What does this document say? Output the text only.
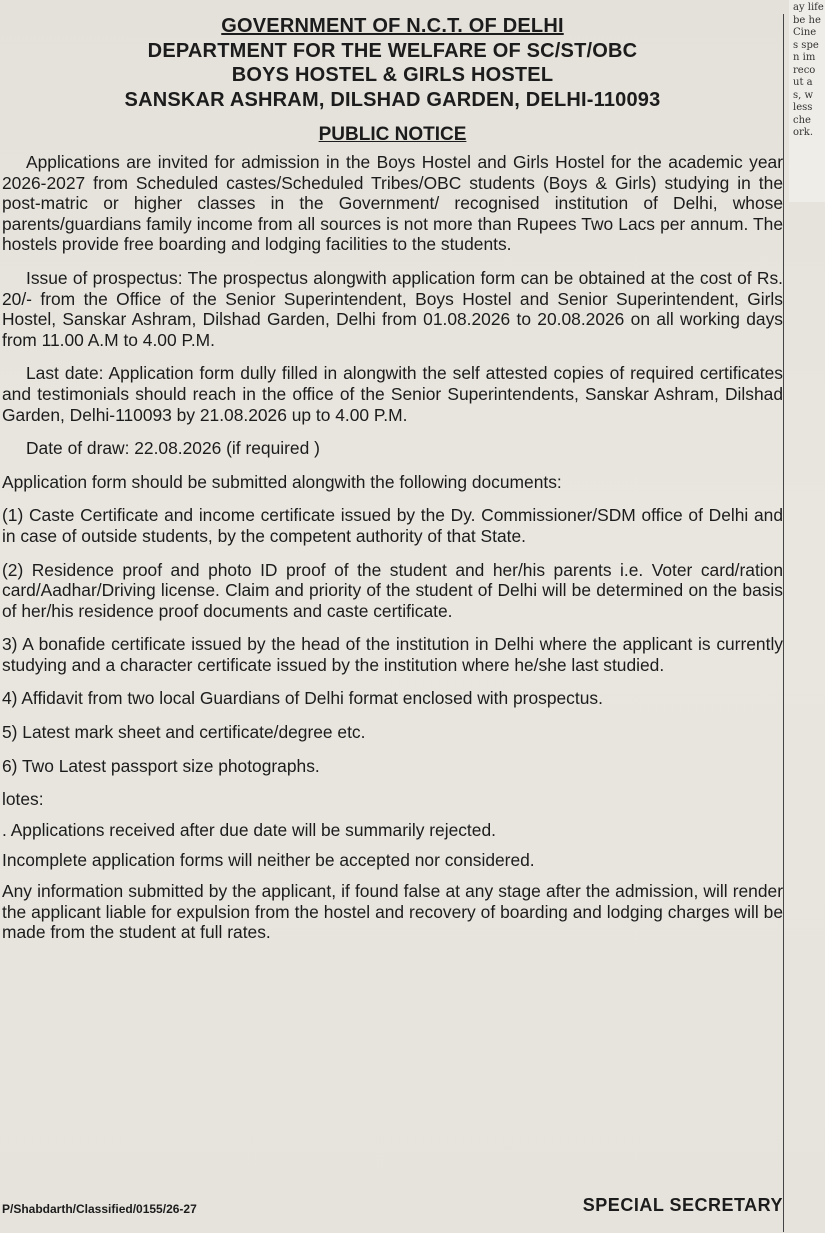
ay life
be he
Cine
s spe
n im
reco
ut a
s, w
less
che
ork.
GOVERNMENT OF N.C.T. OF DELHI
DEPARTMENT FOR THE WELFARE OF SC/ST/OBC
BOYS HOSTEL & GIRLS HOSTEL
SANSKAR ASHRAM, DILSHAD GARDEN, DELHI-110093
PUBLIC NOTICE

Applications are invited for admission in the Boys Hostel and Girls Hostel for the academic year 2026-2027 from Scheduled castes/Scheduled Tribes/OBC students (Boys & Girls) studying in the post-matric or higher classes in the Government/ recognised institution of Delhi, whose parents/guardians family income from all sources is not more than Rupees Two Lacs per annum. The hostels provide free boarding and lodging facilities to the students.

Issue of prospectus: The prospectus alongwith application form can be obtained at the cost of Rs. 20/- from the Office of the Senior Superintendent, Boys Hostel and Senior Superintendent, Girls Hostel, Sanskar Ashram, Dilshad Garden, Delhi from 01.08.2026 to 20.08.2026 on all working days from 11.00 A.M to 4.00 P.M.

Last date: Application form dully filled in alongwith the self attested copies of required certificates and testimonials should reach in the office of the Senior Superintendents, Sanskar Ashram, Dilshad Garden, Delhi-110093 by 21.08.2026 up to 4.00 P.M.

Date of draw: 22.08.2026 (if required )

Application form should be submitted alongwith the following documents:

(1) Caste Certificate and income certificate issued by the Dy. Commissioner/SDM office of Delhi and in case of outside students, by the competent authority of that State.

(2) Residence proof and photo ID proof of the student and her/his parents i.e. Voter card/ration card/Aadhar/Driving license. Claim and priority of the student of Delhi will be determined on the basis of her/his residence proof documents and caste certificate.

3) A bonafide certificate issued by the head of the institution in Delhi where the applicant is currently studying and a character certificate issued by the institution where he/she last studied.

4) Affidavit from two local Guardians of Delhi format enclosed with prospectus.

5) Latest mark sheet and certificate/degree etc.

6) Two Latest passport size photographs.

lotes:

. Applications received after due date will be summarily rejected.

Incomplete application forms will neither be accepted nor considered.

Any information submitted by the applicant, if found false at any stage after the admission, will render the applicant liable for expulsion from the hostel and recovery of boarding and lodging charges will be made from the student at full rates.

P/Shabdarth/Classified/0155/26-27	SPECIAL SECRETARY
